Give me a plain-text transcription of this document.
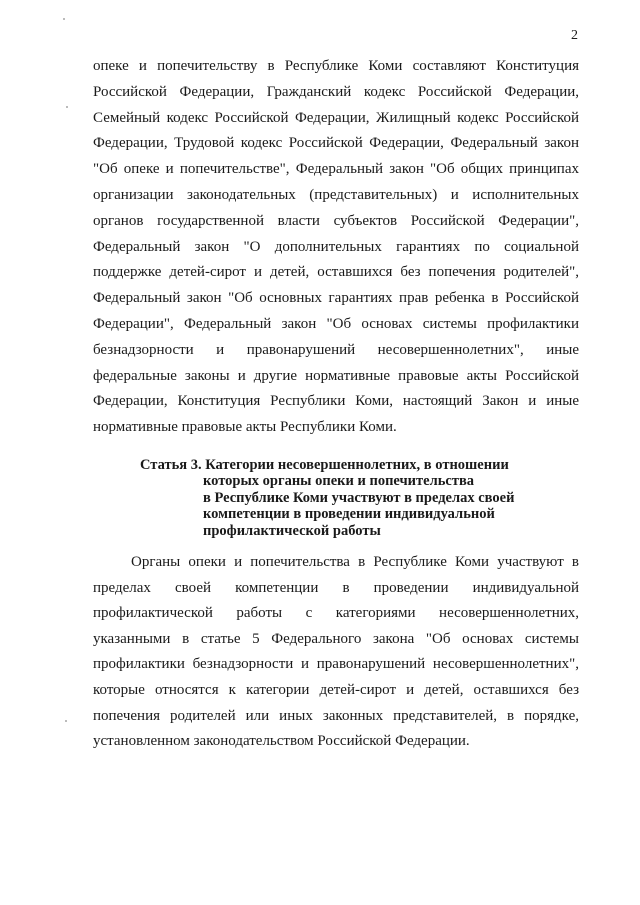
2
опеке и попечительству в Республике Коми составляют Конституция
Российской Федерации, Гражданский кодекс Российской Федерации,
Семейный кодекс Российской Федерации, Жилищный кодекс Российской
Федерации, Трудовой кодекс Российской Федерации, Федеральный закон
"Об опеке и попечительстве", Федеральный закон "Об общих принципах
организации законодательных (представительных) и исполнительных
органов государственной власти субъектов Российской Федерации",
Федеральный закон "О дополнительных гарантиях по социальной
поддержке детей-сирот и детей, оставшихся без попечения родителей",
Федеральный закон "Об основных гарантиях прав ребенка в Российской
Федерации", Федеральный закон "Об основах системы профилактики
безнадзорности и правонарушений несовершеннолетних", иные
федеральные законы и другие нормативные правовые акты Российской
Федерации, Конституция Республики Коми, настоящий Закон и иные
нормативные правовые акты Республики Коми.
Статья 3. Категории несовершеннолетних, в отношении
которых органы опеки и попечительства
в Республике Коми участвуют в пределах своей
компетенции в проведении индивидуальной
профилактической работы
Органы опеки и попечительства в Республике Коми участвуют в
пределах своей компетенции в проведении индивидуальной
профилактической работы с категориями несовершеннолетних,
указанными в статье 5 Федерального закона "Об основах системы
профилактики безнадзорности и правонарушений несовершеннолетних",
которые относятся к категории детей-сирот и детей, оставшихся без
попечения родителей или иных законных представителей, в порядке,
установленном законодательством Российской Федерации.
